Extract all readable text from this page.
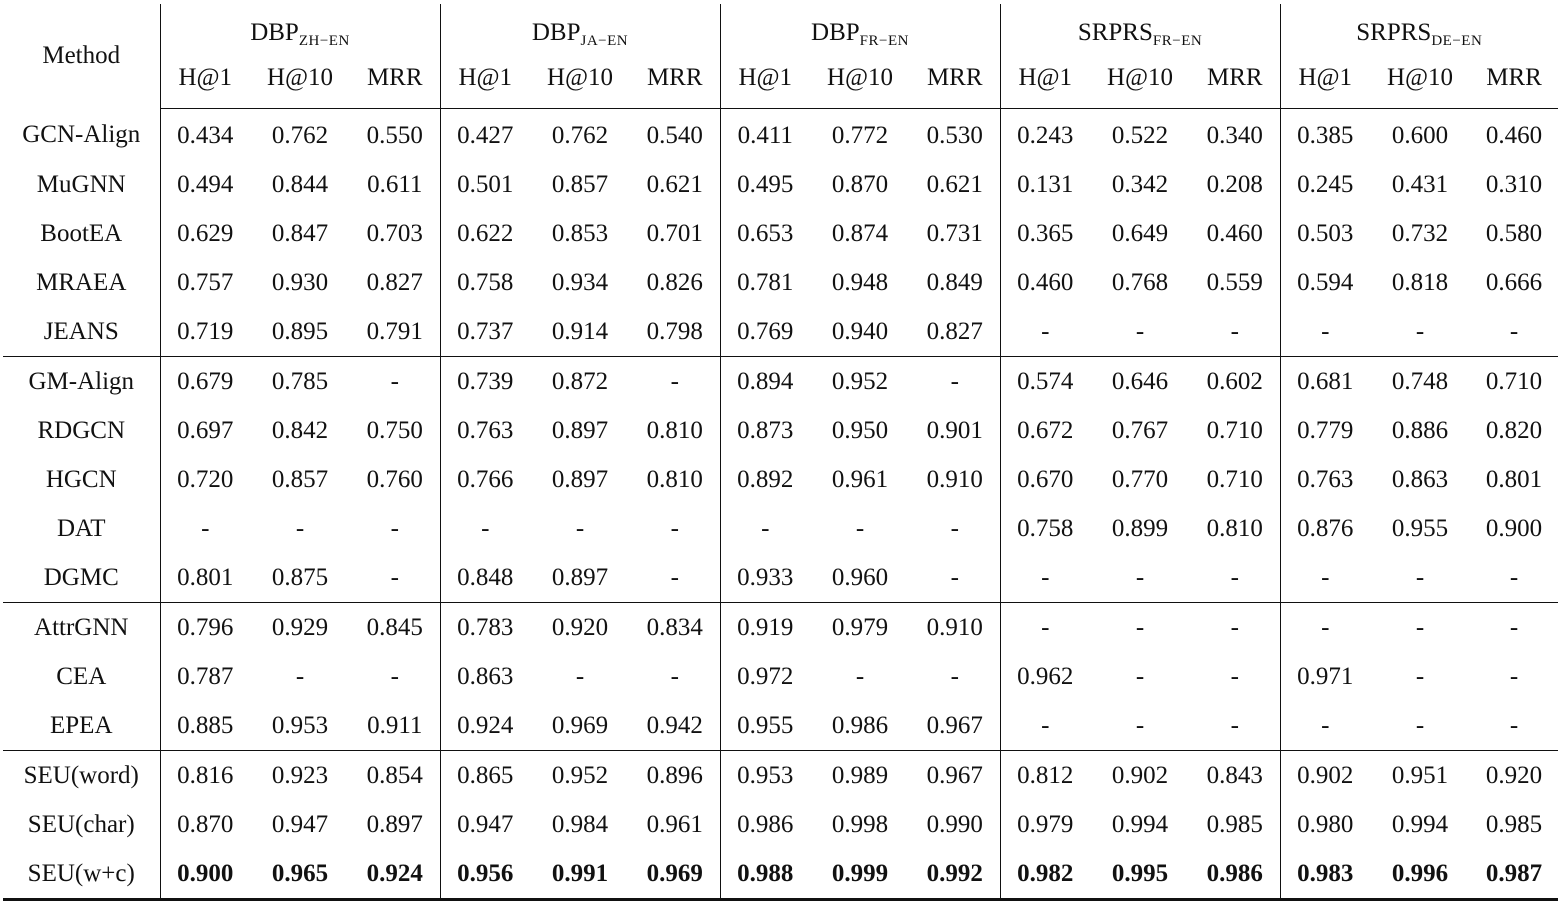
Method	$DBP_{ZH-EN}$			$DBP_{JA-EN}$			$DBP_{FR-EN}$			$SRPRS_{FR-EN}$			$SRPRS_{DE-EN}$
	H@1	H@10	MRR	H@1	H@10	MRR	H@1	H@10	MRR	H@1	H@10	MRR	H@1	H@10	MRR
GCN-Align	0.434	0.762	0.550	0.427	0.762	0.540	0.411	0.772	0.530	0.243	0.522	0.340	0.385	0.600	0.460
MuGNN	0.494	0.844	0.611	0.501	0.857	0.621	0.495	0.870	0.621	0.131	0.342	0.208	0.245	0.431	0.310
BootEA	0.629	0.847	0.703	0.622	0.853	0.701	0.653	0.874	0.731	0.365	0.649	0.460	0.503	0.732	0.580
MRAEA	0.757	0.930	0.827	0.758	0.934	0.826	0.781	0.948	0.849	0.460	0.768	0.559	0.594	0.818	0.666
JEANS	0.719	0.895	0.791	0.737	0.914	0.798	0.769	0.940	0.827	-	-	-	-	-	-
GM-Align	0.679	0.785	-	0.739	0.872	-	0.894	0.952	-	0.574	0.646	0.602	0.681	0.748	0.710
RDGCN	0.697	0.842	0.750	0.763	0.897	0.810	0.873	0.950	0.901	0.672	0.767	0.710	0.779	0.886	0.820
HGCN	0.720	0.857	0.760	0.766	0.897	0.810	0.892	0.961	0.910	0.670	0.770	0.710	0.763	0.863	0.801
DAT	-	-	-	-	-	-	-	-	-	0.758	0.899	0.810	0.876	0.955	0.900
DGMC	0.801	0.875	-	0.848	0.897	-	0.933	0.960	-	-	-	-	-	-	-
AttrGNN	0.796	0.929	0.845	0.783	0.920	0.834	0.919	0.979	0.910	-	-	-	-	-	-
CEA	0.787	-	-	0.863	-	-	0.972	-	-	0.962	-	-	0.971	-	-
EPEA	0.885	0.953	0.911	0.924	0.969	0.942	0.955	0.986	0.967	-	-	-	-	-	-
SEU(word)	0.816	0.923	0.854	0.865	0.952	0.896	0.953	0.989	0.967	0.812	0.902	0.843	0.902	0.951	0.920
SEU(char)	0.870	0.947	0.897	0.947	0.984	0.961	0.986	0.998	0.990	0.979	0.994	0.985	0.980	0.994	0.985
SEU(w+c)	0.900	0.965	0.924	0.956	0.991	0.969	0.988	0.999	0.992	0.982	0.995	0.986	0.983	0.996	0.987
